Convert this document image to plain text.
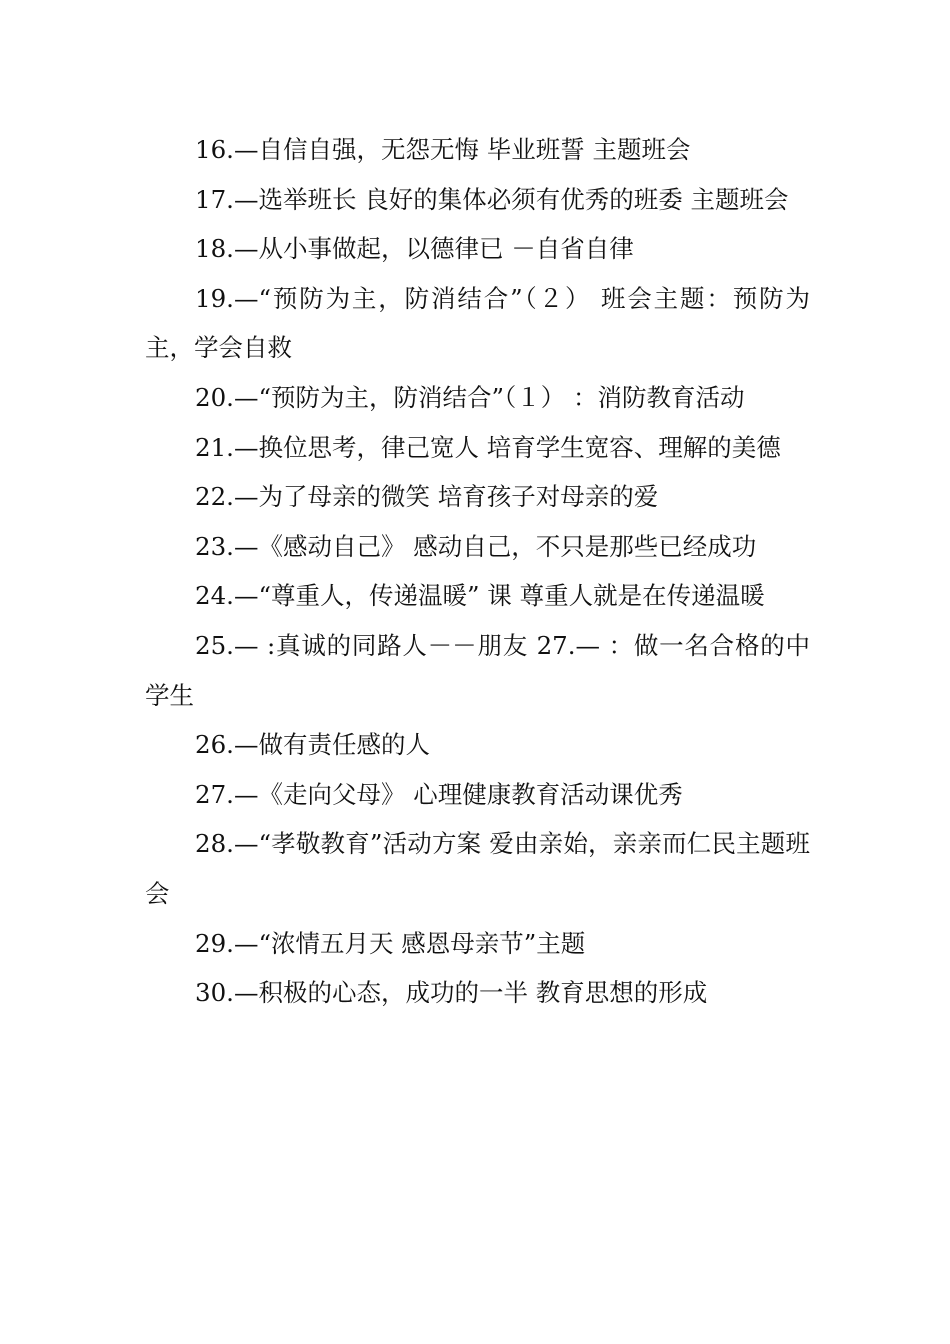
16.—自信自强，无怨无悔 毕业班誓 主题班会

17.—选举班长 良好的集体必须有优秀的班委 主题班会

18.—从小事做起，以德律已 －自省自律

19.—“预防为主，防消结合”（２） 班会主题：预防为主，学会自救

20.—“预防为主，防消结合”（１） ：消防教育活动

21.—换位思考，律己宽人 培育学生宽容、理解的美德

22.—为了母亲的微笑 培育孩子对母亲的爱

23.—《感动自己》 感动自己，不只是那些已经成功

24.—“尊重人，传递温暖” 课 尊重人就是在传递温暖

25.— :真诚的同路人－－朋友 27.— ：做一名合格的中学生

26.—做有责任感的人

27.—《走向父母》 心理健康教育活动课优秀

28.—“孝敬教育”活动方案 爱由亲始，亲亲而仁民主题班会

29.—“浓情五月天 感恩母亲节”主题

30.—积极的心态，成功的一半 教育思想的形成
